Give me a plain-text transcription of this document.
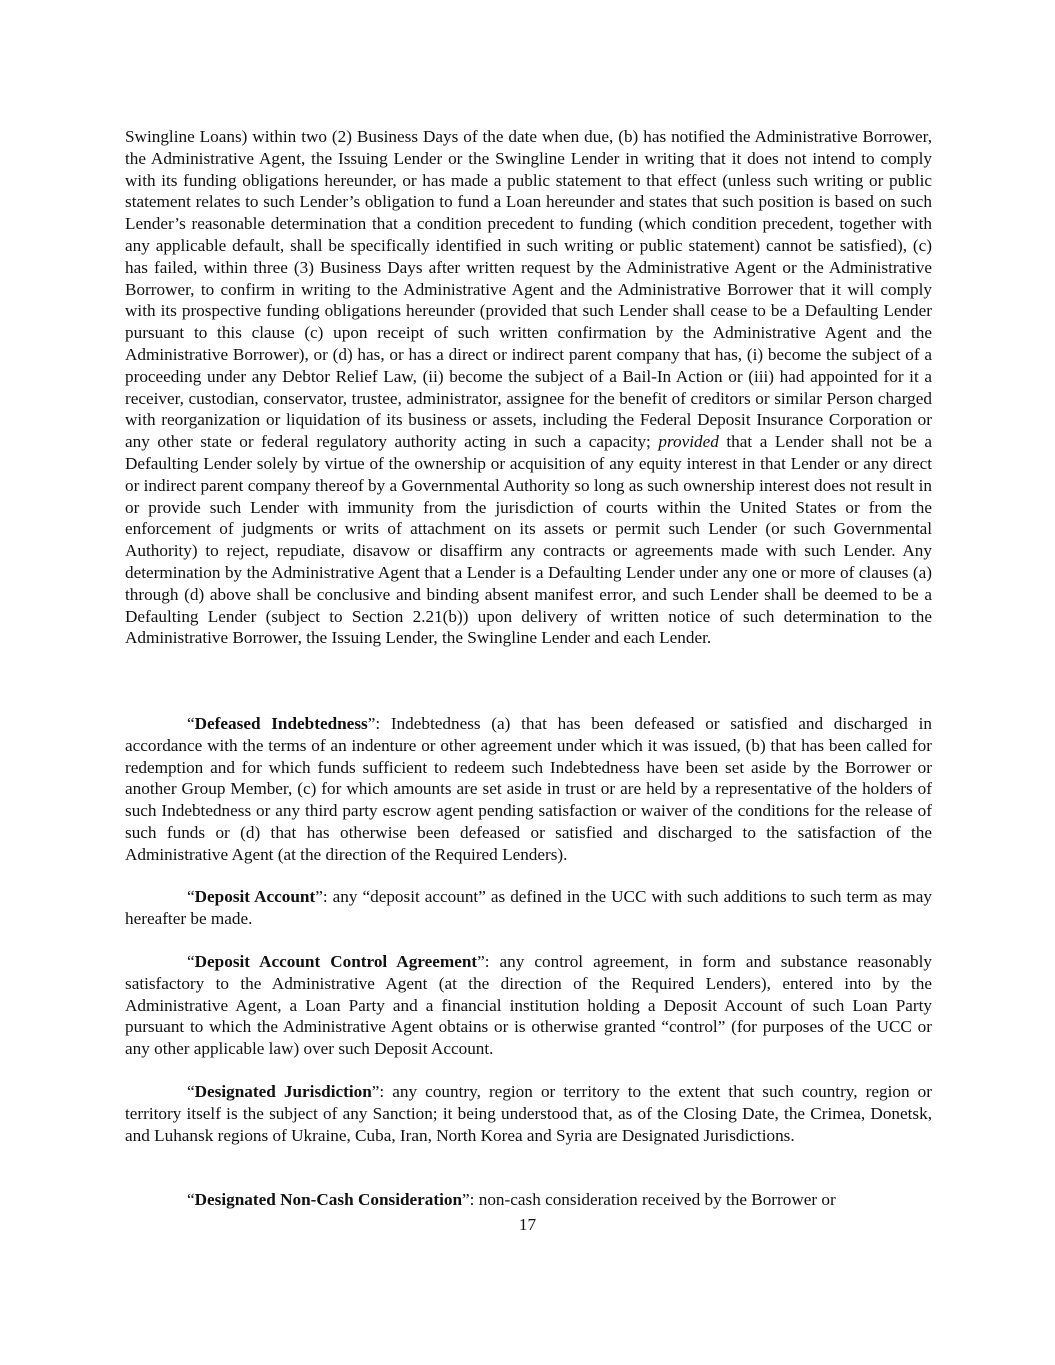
Swingline Loans) within two (2) Business Days of the date when due, (b) has notified the Administrative Borrower, the Administrative Agent, the Issuing Lender or the Swingline Lender in writing that it does not intend to comply with its funding obligations hereunder, or has made a public statement to that effect (unless such writing or public statement relates to such Lender’s obligation to fund a Loan hereunder and states that such position is based on such Lender’s reasonable determination that a condition precedent to funding (which condition precedent, together with any applicable default, shall be specifically identified in such writing or public statement) cannot be satisfied), (c) has failed, within three (3) Business Days after written request by the Administrative Agent or the Administrative Borrower, to confirm in writing to the Administrative Agent and the Administrative Borrower that it will comply with its prospective funding obligations hereunder (provided that such Lender shall cease to be a Defaulting Lender pursuant to this clause (c) upon receipt of such written confirmation by the Administrative Agent and the Administrative Borrower), or (d) has, or has a direct or indirect parent company that has, (i) become the subject of a proceeding under any Debtor Relief Law, (ii) become the subject of a Bail-In Action or (iii) had appointed for it a receiver, custodian, conservator, trustee, administrator, assignee for the benefit of creditors or similar Person charged with reorganization or liquidation of its business or assets, including the Federal Deposit Insurance Corporation or any other state or federal regulatory authority acting in such a capacity; provided that a Lender shall not be a Defaulting Lender solely by virtue of the ownership or acquisition of any equity interest in that Lender or any direct or indirect parent company thereof by a Governmental Authority so long as such ownership interest does not result in or provide such Lender with immunity from the jurisdiction of courts within the United States or from the enforcement of judgments or writs of attachment on its assets or permit such Lender (or such Governmental Authority) to reject, repudiate, disavow or disaffirm any contracts or agreements made with such Lender. Any determination by the Administrative Agent that a Lender is a Defaulting Lender under any one or more of clauses (a) through (d) above shall be conclusive and binding absent manifest error, and such Lender shall be deemed to be a Defaulting Lender (subject to Section 2.21(b)) upon delivery of written notice of such determination to the Administrative Borrower, the Issuing Lender, the Swingline Lender and each Lender.

“Defeased Indebtedness”: Indebtedness (a) that has been defeased or satisfied and discharged in accordance with the terms of an indenture or other agreement under which it was issued, (b) that has been called for redemption and for which funds sufficient to redeem such Indebtedness have been set aside by the Borrower or another Group Member, (c) for which amounts are set aside in trust or are held by a representative of the holders of such Indebtedness or any third party escrow agent pending satisfaction or waiver of the conditions for the release of such funds or (d) that has otherwise been defeased or satisfied and discharged to the satisfaction of the Administrative Agent (at the direction of the Required Lenders).

“Deposit Account”: any “deposit account” as defined in the UCC with such additions to such term as may hereafter be made.

“Deposit Account Control Agreement”: any control agreement, in form and substance reasonably satisfactory to the Administrative Agent (at the direction of the Required Lenders), entered into by the Administrative Agent, a Loan Party and a financial institution holding a Deposit Account of such Loan Party pursuant to which the Administrative Agent obtains or is otherwise granted “control” (for purposes of the UCC or any other applicable law) over such Deposit Account.

“Designated Jurisdiction”: any country, region or territory to the extent that such country, region or territory itself is the subject of any Sanction; it being understood that, as of the Closing Date, the Crimea, Donetsk, and Luhansk regions of Ukraine, Cuba, Iran, North Korea and Syria are Designated Jurisdictions.

“Designated Non-Cash Consideration”: non-cash consideration received by the Borrower or

17
